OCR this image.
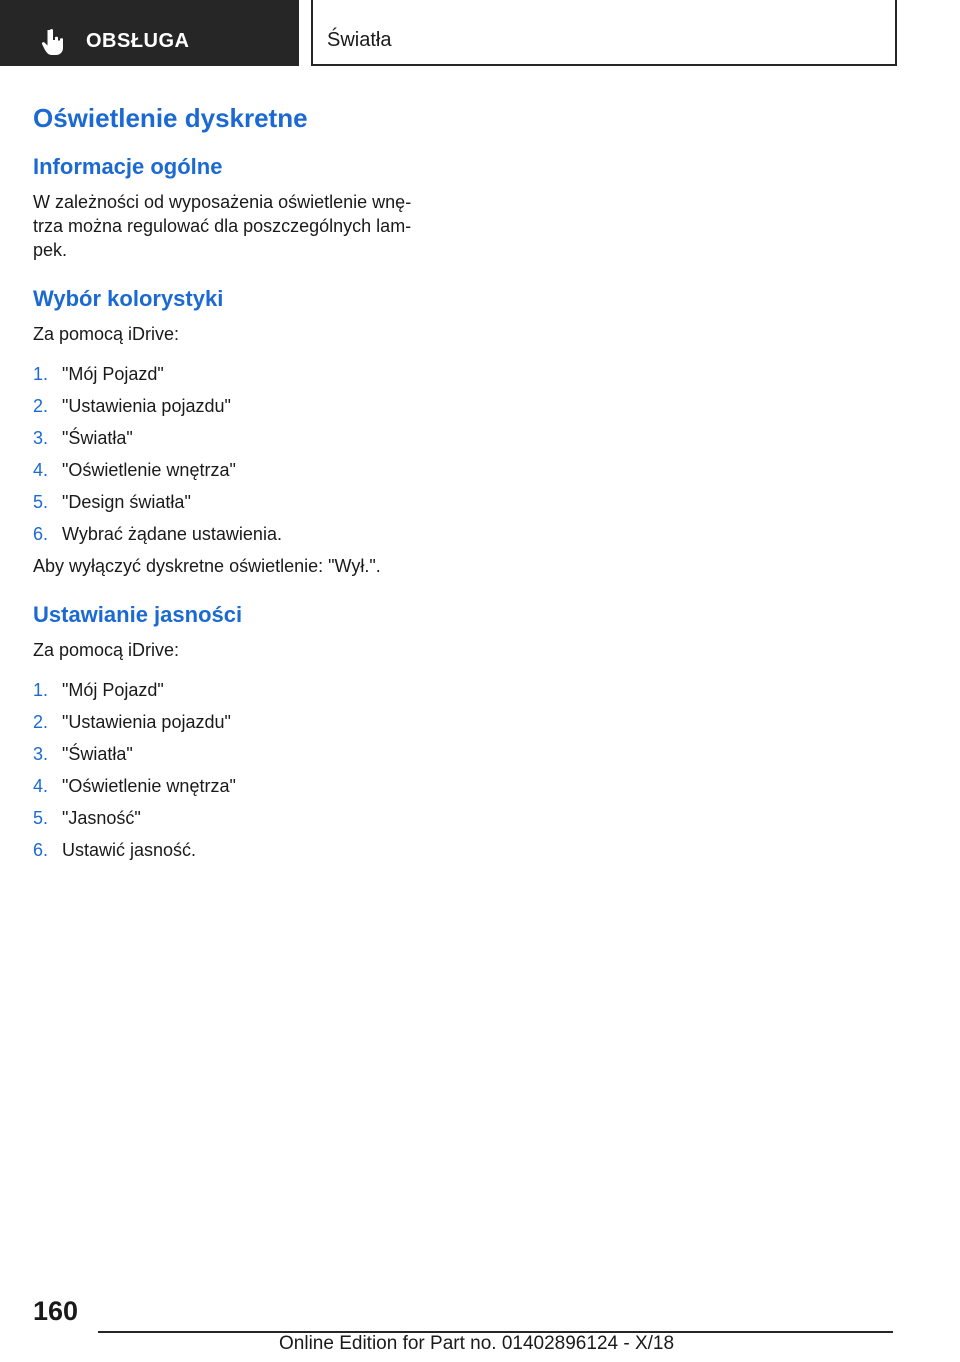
OBSŁUGA	Światła
Oświetlenie dyskretne
Informacje ogólne

W zależności od wyposażenia oświetlenie wnę-
trza można regulować dla poszczególnych lam-
pek.

Wybór kolorystyki

Za pomocą iDrive:

1. "Mój Pojazd"
2. "Ustawienia pojazdu"
3. "Światła"
4. "Oświetlenie wnętrza"
5. "Design światła"
6. Wybrać żądane ustawienia.

Aby wyłączyć dyskretne oświetlenie: "Wył.".

Ustawianie jasności

Za pomocą iDrive:

1. "Mój Pojazd"
2. "Ustawienia pojazdu"
3. "Światła"
4. "Oświetlenie wnętrza"
5. "Jasność"
6. Ustawić jasność.
160
Online Edition for Part no. 01402896124 - X/18
